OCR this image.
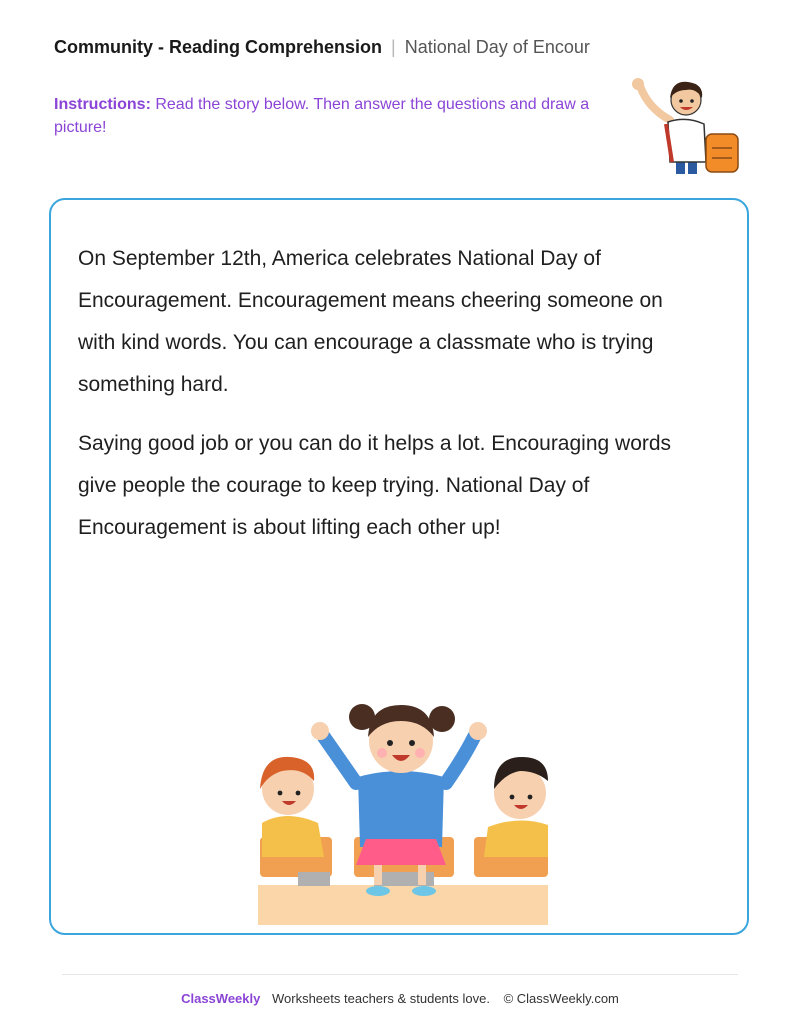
Community - Reading Comprehension | National Day of Encour
Instructions: Read the story below. Then answer the questions and draw a picture!

On September 12th, America celebrates National Day of Encouragement. Encouragement means cheering someone on with kind words. You can encourage a classmate who is trying something hard.

Saying good job or you can do it helps a lot. Encouraging words give people the courage to keep trying. National Day of Encouragement is about lifting each other up!

ClassWeekly Worksheets teachers & students love. © ClassWeekly.com
